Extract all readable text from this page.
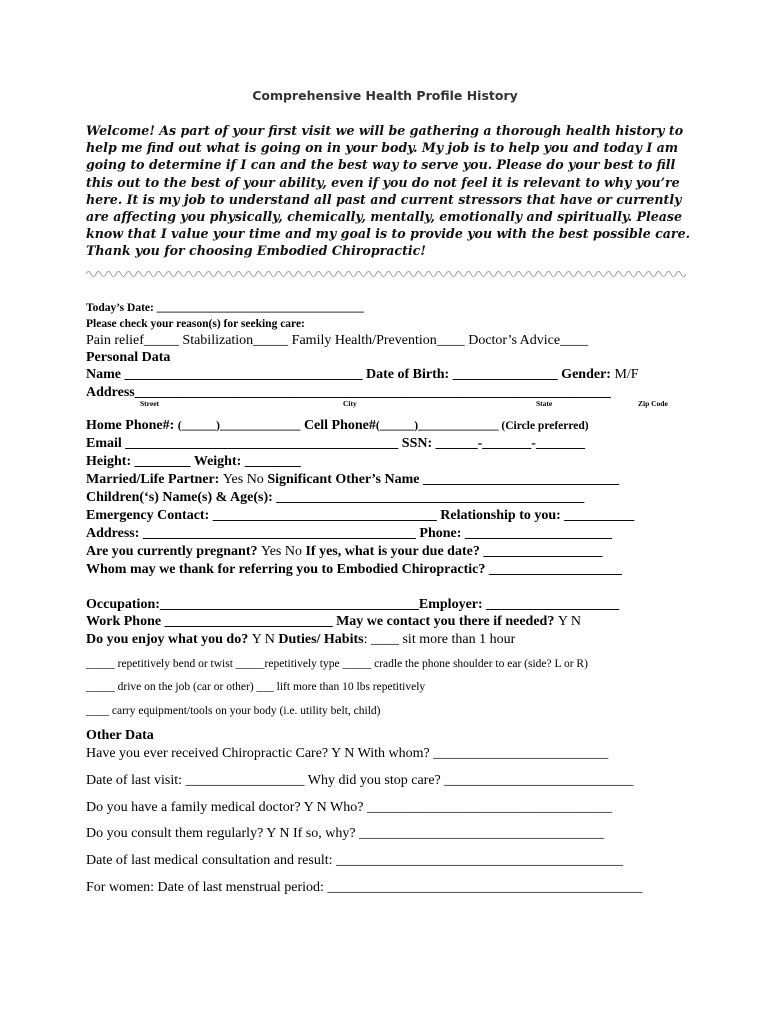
Comprehensive Health Profile History

Welcome! As part of your first visit we will be gathering a thorough health history to help me find out what is going on in your body. My job is to help you and today I am going to determine if I can and the best way to serve you. Please do your best to fill this out to the best of your ability, even if you do not feel it is relevant to why you’re here. It is my job to understand all past and current stressors that have or currently are affecting you physically, chemically, mentally, emotionally and spiritually. Please know that I value your time and my goal is to provide you with the best possible care. Thank you for choosing Embodied Chiropractic!

Today’s Date: ____________________________________
Please check your reason(s) for seeking care:
Pain relief_____ Stabilization_____ Family Health/Prevention____ Doctor’s Advice____
Personal Data
Name __________________________________ Date of Birth: _______________ Gender: M/F
Address____________________________________________________________________
Street	City	State	Zip Code
Home Phone#: (______)______________ Cell Phone#(______)______________ (Circle preferred)
Email _______________________________________ SSN: ______-_______-_______
Height: ________ Weight: ________
Married/Life Partner: Yes No Significant Other’s Name ____________________________
Children(‘s) Name(s) & Age(s): ____________________________________________
Emergency Contact: ________________________________ Relationship to you: __________
Address: _______________________________________ Phone: _____________________
Are you currently pregnant? Yes No If yes, what is your due date? _________________
Whom may we thank for referring you to Embodied Chiropractic? ___________________
Occupation:_____________________________________Employer: ___________________
Work Phone ________________________ May we contact you there if needed? Y N
Do you enjoy what you do? Y N Duties/ Habits: ____ sit more than 1 hour
_____ repetitively bend or twist _____repetitively type _____ cradle the phone shoulder to ear (side? L or R)
_____ drive on the job (car or other) ___ lift more than 10 lbs repetitively
____ carry equipment/tools on your body (i.e. utility belt, child)
Other Data
Have you ever received Chiropractic Care? Y N With whom? _________________________
Date of last visit: _________________ Why did you stop care? ___________________________
Do you have a family medical doctor? Y N Who? ___________________________________
Do you consult them regularly? Y N If so, why? ___________________________________
Date of last medical consultation and result: _________________________________________
For women: Date of last menstrual period: _____________________________________________
